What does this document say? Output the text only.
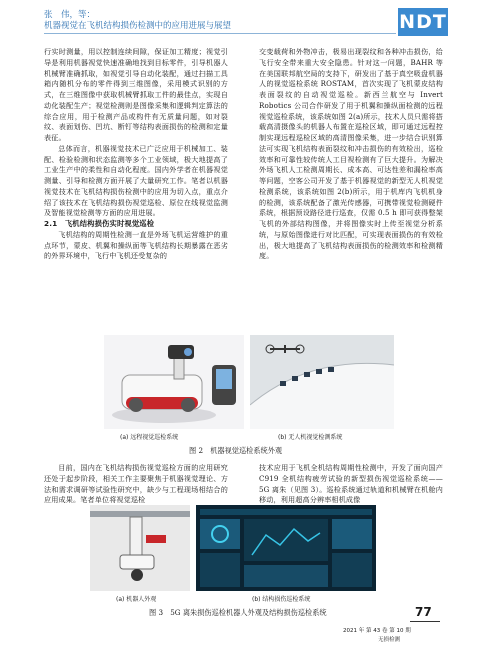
张　伟，等：
机器视觉在飞机结构损伤检测中的应用进展与展望	NDT

行实时测量，用以控制连续间隙，保证加工精度；视觉引导是利用机器视觉快速准确地找到目标零件，引导机器人机械臂准确抓取，如视觉引导自动化装配，通过扫描工具箱内随机分布的零件得到三维图像，采用模式识别的方式，在三维图像中获取机械臂抓取工件的最佳点，实现自动化装配生产；视觉检测则是图像采集和逻辑判定算法的综合应用，用于检测产品或构件有无质量问题，如对裂纹、表面划伤、凹坑、断钉等结构表面损伤的检测和定量表征。

总体而言，机器视觉技术已广泛应用于机械加工、装配、检验检测和状态监测等多个工业领域，极大地提高了工业生产中的柔性和自动化程度。国内外学者在机器视觉测量、引导和检测方面开展了大量研究工作。笔者以机器视觉技术在飞机结构损伤检测中的应用为切入点，重点介绍了该技术在飞机结构损伤视觉巡检、原位在线视觉监测及智能视觉检测等方面的应用进展。

2.1　飞机结构损伤实时视觉巡检

飞机结构的周期性检测一直是外场飞机运营维护的重点环节，蒙皮、机翼和操纵面等飞机结构长期暴露在恶劣的外界环境中，飞行中飞机还受复杂的

交变载荷和外物冲击，极易出现裂纹和各种冲击损伤，给飞行安全带来重大安全隐患。针对这一问题，BAHR 等在美国联邦航空局的支持下，研发出了基于真空吸盘机器人的视觉巡检系统 ROSTAM，首次实现了飞机蒙皮结构表面裂纹的自动视觉巡检。新西兰航空与 Invert Robotics 公司合作研发了用于机翼和操纵面检测的远程视觉巡检系统，该系统如图 2(a)所示，技术人员只需将搭载高清摄像头的机器人布置在巡检区域，即可通过远程控制实现远程巡检区域的高清图像采集，进一步结合识别算法可实现飞机结构表面裂纹和冲击损伤的有效检出，巡检效率和可靠性较传统人工目视检测有了巨大提升。为解决外场飞机人工检测周期长、成本高、可达性差和漏检率高等问题，空客公司开发了基于机器视觉的新型无人机视觉检测系统，该系统如图 2(b)所示，用于机库内飞机机身的检测，该系统配备了激光传感器，可携带视觉检测硬件系统，根据预设路径进行巡查，仅需 0.5 h 即可获得整架飞机的外部结构图像，并将图像实时上传至视觉分析系统，与原始图像进行对比匹配，可实现表面损伤的有效检出，极大地提高了飞机结构表面损伤的检测效率和检测精度。

(a) 远程视觉巡检系统	(b) 无人机视觉检测系统
图 2　机器视觉巡检系统外观

目前，国内在飞机结构损伤视觉巡检方面的应用研究还处于起步阶段，相关工作主要聚焦于机器视觉理论、方法和需求调研等试验性研究中，缺少与工程现场相结合的应用成果。笔者单位将视觉巡检

技术应用于飞机全机结构周期性检测中，开发了面向国产 C919 全机结构疲劳试验的新型损伤视觉巡检系统——5G 离朱（见图 3）。巡检系统通过轨道和机械臂在机舱内移动，利用超高分辨率相机成像

(a) 机器人外观	(b) 结构损伤巡检系统
图 3　5G 离朱损伤巡检机器人外观及结构损伤巡检系统	77
2021 年 第 43 卷 第 10 期
无损检测
